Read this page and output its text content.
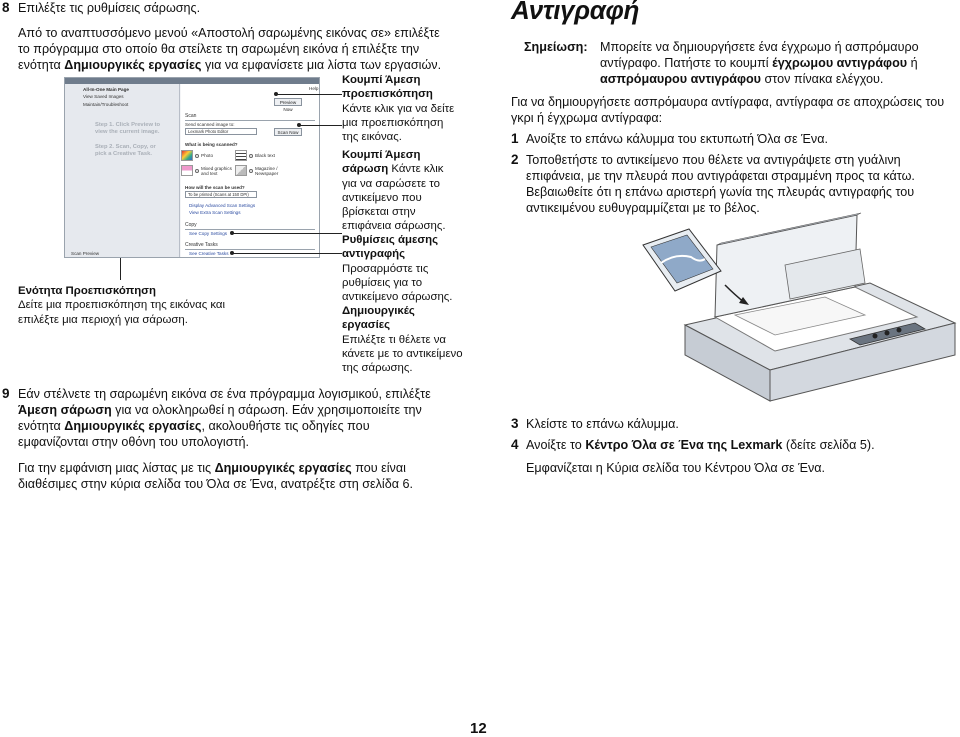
8 Επιλέξτε τις ρυθμίσεις σάρωσης.

Από το αναπτυσσόμενο μενού «Αποστολή σαρωμένης εικόνας σε» επιλέξτε

το πρόγραμμα στο οποίο θα στείλετε τη σαρωμένη εικόνα ή επιλέξτε την

ενότητα Δημιουργικές εργασίες για να εμφανίσετε μια λίστα των εργασιών.

All-In-One Main Page
View Saved Images
Maintain/Troubleshoot
Step 1. Click Preview to
view the current image.
Step 2. Scan, Copy, or
pick a Creative Task.
Scan Preview
Help
Preview Now
Scan
Send scanned image to:
Lexmark Photo Editor	Scan Now
What is being scanned?
Photo	Black text
Mixed graphics
and text
Magazine /
Newspaper
How will the scan be used?
To be printed (Scans at 150 DPI)
Display Advanced Scan Settings
View Extra Scan Settings
Copy
See Copy Settings
Creative Tasks
See Creative Tasks
Κουμπί Άμεση
προεπισκόπηση
Κάντε κλικ για να δείτε
μια προεπισκόπηση
της εικόνας.
Κουμπί Άμεση
σάρωση Κάντε κλικ
για να σαρώσετε το
αντικείμενο που
βρίσκεται στην
επιφάνεια σάρωσης.
Ρυθμίσεις άμεσης
αντιγραφής
Προσαρμόστε τις
ρυθμίσεις για το
αντικείμενο σάρωσης.
Δημιουργικές
εργασίες
Επιλέξτε τι θέλετε να
κάνετε με το αντικείμενο
της σάρωσης.
Ενότητα Προεπισκόπηση
Δείτε μια προεπισκόπηση της εικόνας και
επιλέξτε μια περιοχή για σάρωση.
9 Εάν στέλνετε τη σαρωμένη εικόνα σε ένα πρόγραμμα λογισμικού, επιλέξτε

Άμεση σάρωση για να ολοκληρωθεί η σάρωση. Εάν χρησιμοποιείτε την

ενότητα Δημιουργικές εργασίες, ακολουθήστε τις οδηγίες που

εμφανίζονται στην οθόνη του υπολογιστή.

Για την εμφάνιση μιας λίστας με τις Δημιουργικές εργασίες που είναι

διαθέσιμες στην κύρια σελίδα του Όλα σε Ένα, ανατρέξτε στη σελίδα 6.

Αντιγραφή

Σημείωση: Μπορείτε να δημιουργήσετε ένα έγχρωμο ή ασπρόμαυρο

αντίγραφο. Πατήστε το κουμπί έγχρωμου αντιγράφου ή

ασπρόμαυρου αντιγράφου στον πίνακα ελέγχου.

Για να δημιουργήσετε ασπρόμαυρα αντίγραφα, αντίγραφα σε αποχρώσεις του

γκρι ή έγχρωμα αντίγραφα:

1 Ανοίξτε το επάνω κάλυμμα του εκτυπωτή Όλα σε Ένα.

2 Τοποθετήστε το αντικείμενο που θέλετε να αντιγράψετε στη γυάλινη

επιφάνεια, με την πλευρά που αντιγράφεται στραμμένη προς τα κάτω.

Βεβαιωθείτε ότι η επάνω αριστερή γωνία της πλευράς αντιγραφής του

αντικειμένου ευθυγραμμίζεται με το βέλος.

3 Κλείστε το επάνω κάλυμμα.

4 Ανοίξτε το Κέντρο Όλα σε Ένα της Lexmark (δείτε σελίδα 5).

Εμφανίζεται η Κύρια σελίδα του Κέντρου Όλα σε Ένα.

12
